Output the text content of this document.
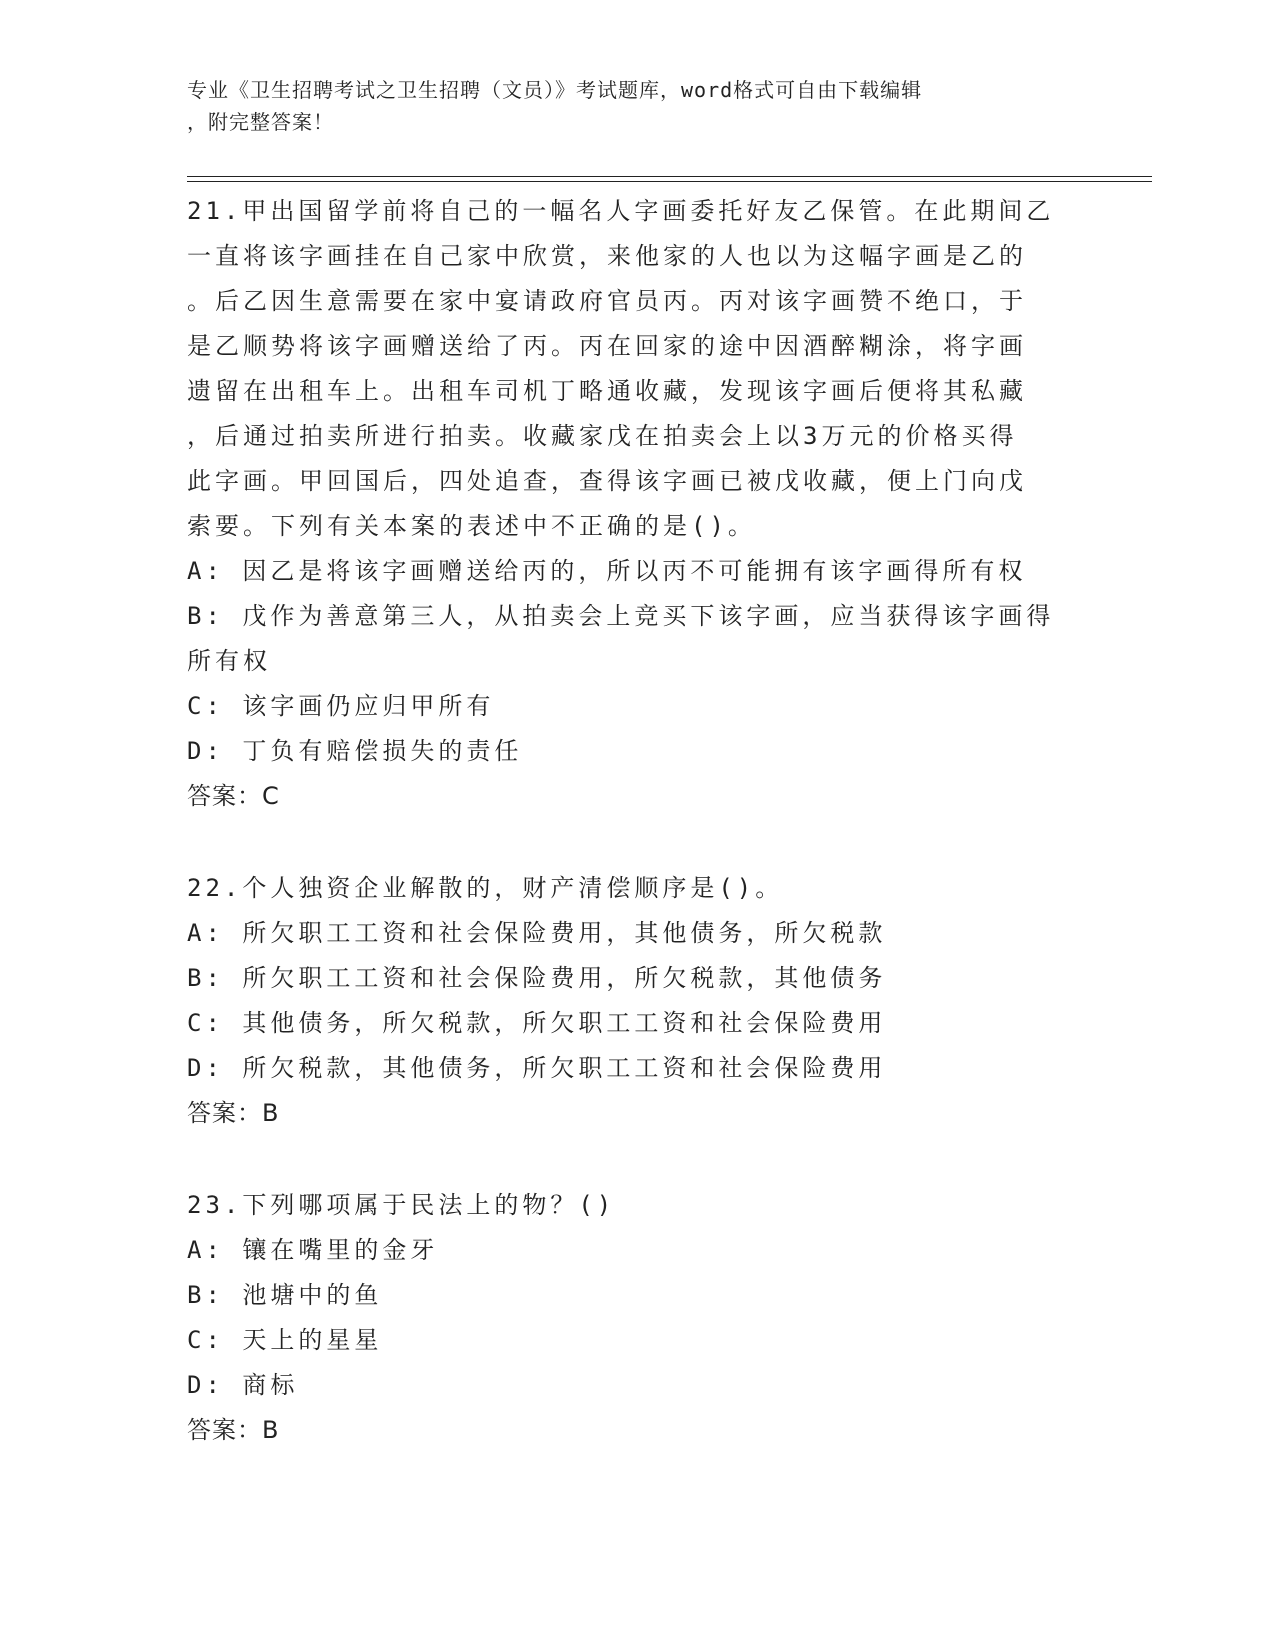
专业《卫生招聘考试之卫生招聘（文员）》考试题库，word格式可自由下载编辑
，附完整答案！
21.甲出国留学前将自己的一幅名人字画委托好友乙保管。在此期间乙
一直将该字画挂在自己家中欣赏，来他家的人也以为这幅字画是乙的
。后乙因生意需要在家中宴请政府官员丙。丙对该字画赞不绝口，于
是乙顺势将该字画赠送给了丙。丙在回家的途中因酒醉糊涂，将字画
遗留在出租车上。出租车司机丁略通收藏，发现该字画后便将其私藏
，后通过拍卖所进行拍卖。收藏家戊在拍卖会上以3万元的价格买得
此字画。甲回国后，四处追查，查得该字画已被戊收藏，便上门向戊
索要。下列有关本案的表述中不正确的是()。
A: 因乙是将该字画赠送给丙的，所以丙不可能拥有该字画得所有权
B: 戊作为善意第三人，从拍卖会上竞买下该字画，应当获得该字画得
所有权
C: 该字画仍应归甲所有
D: 丁负有赔偿损失的责任
答案：C
22.个人独资企业解散的，财产清偿顺序是()。
A: 所欠职工工资和社会保险费用，其他债务，所欠税款
B: 所欠职工工资和社会保险费用，所欠税款，其他债务
C: 其他债务，所欠税款，所欠职工工资和社会保险费用
D: 所欠税款，其他债务，所欠职工工资和社会保险费用
答案：B
23.下列哪项属于民法上的物？()
A: 镶在嘴里的金牙
B: 池塘中的鱼
C: 天上的星星
D: 商标
答案：B
